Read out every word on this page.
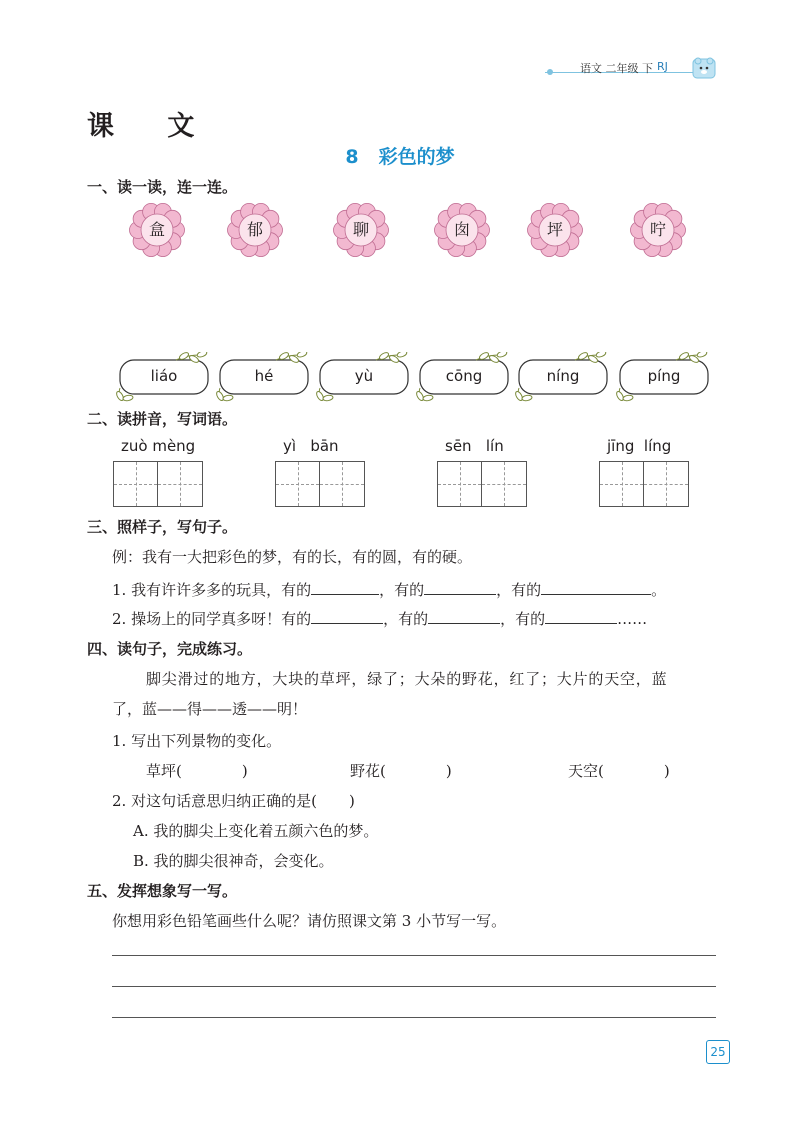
语文 二年级 下 RJ
课 文
8 彩色的梦
一、读一读，连一连。
盒	郁	聊	囱	坪	咛
liáo	hé	yù	cōng	níng	píng
二、读拼音，写词语。
zuò mèng	yì   bān	sēn   lín	jīng  líng
三、照样子，写句子。
例：我有一大把彩色的梦，有的长，有的圆，有的硬。
1. 我有许许多多的玩具，有的	，有的	，有的	。
2. 操场上的同学真多呀！有的	，有的	，有的	……
四、读句子，完成练习。
脚尖滑过的地方，大块的草坪，绿了；大朵的野花，红了；大片的天空，蓝
了，蓝——得——透——明！
1. 写出下列景物的变化。
草坪(	)	野花(	)	天空(	)
2. 对这句话意思归纳正确的是( )
A. 我的脚尖上变化着五颜六色的梦。
B. 我的脚尖很神奇，会变化。
五、发挥想象写一写。
你想用彩色铅笔画些什么呢？请仿照课文第 3 小节写一写。
25
